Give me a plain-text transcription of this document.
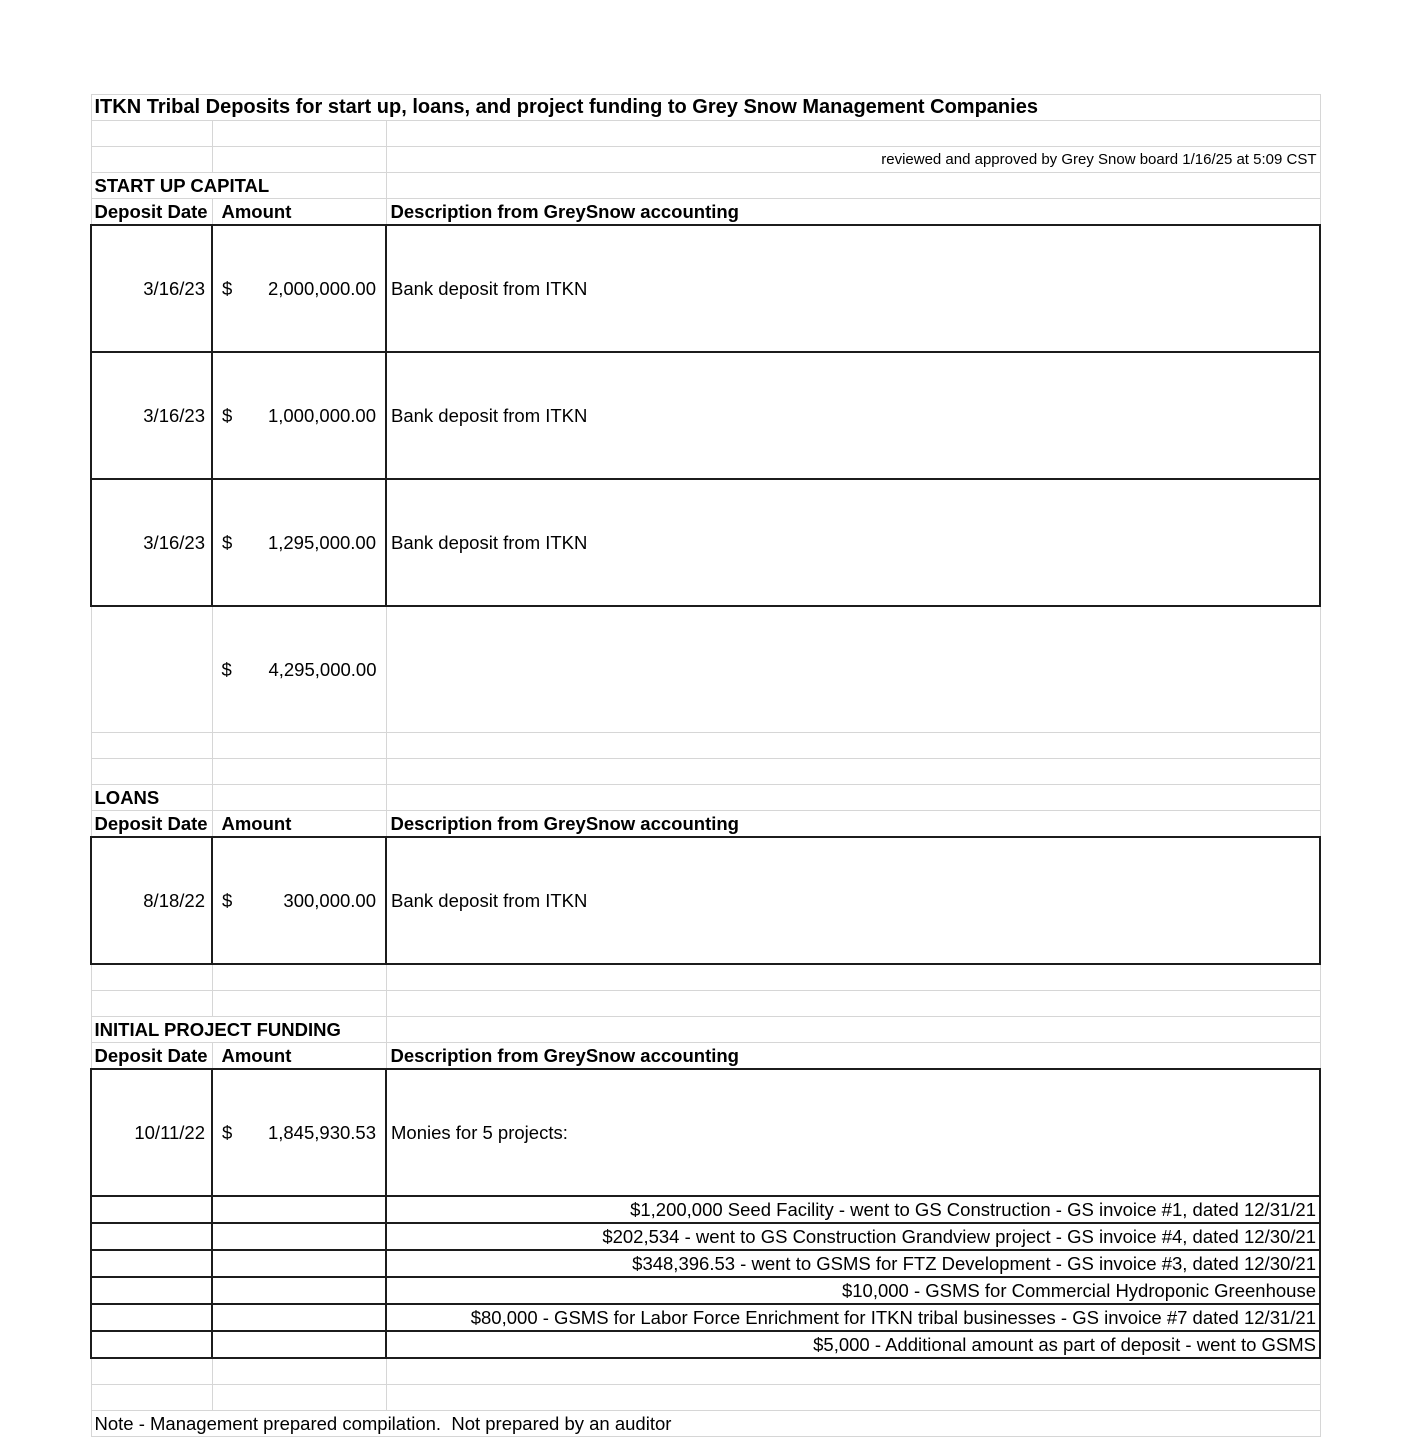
ITKN Tribal Deposits for start up, loans, and project funding to Grey Snow Management Companies		

		reviewed and approved by Grey Snow board 1/16/25 at 5:09 CST
START UP CAPITAL		
Deposit Date	Amount	Description from GreySnow accounting
3/16/23	$ 2,000,000.00	Bank deposit from ITKN
3/16/23	$ 1,000,000.00	Bank deposit from ITKN
3/16/23	$ 1,295,000.00	Bank deposit from ITKN

	$ 4,295,000.00	

LOANS		
Deposit Date	Amount	Description from GreySnow accounting
8/18/22	$ 300,000.00	Bank deposit from ITKN

INITIAL PROJECT FUNDING		
Deposit Date	Amount	Description from GreySnow accounting
10/11/22	$ 1,845,930.53	Monies for 5 projects:
		$1,200,000 Seed Facility - went to GS Construction - GS invoice #1, dated 12/31/21
		$202,534 - went to GS Construction Grandview project - GS invoice #4, dated 12/30/21
		$348,396.53 - went to GSMS for FTZ Development - GS invoice #3, dated 12/30/21
		$10,000 - GSMS for Commercial Hydroponic Greenhouse
		$80,000 - GSMS for Labor Force Enrichment for ITKN tribal businesses - GS invoice #7 dated 12/31/21
		$5,000 - Additional amount as part of deposit - went to GSMS

Note - Management prepared compilation.  Not prepared by an auditor		
